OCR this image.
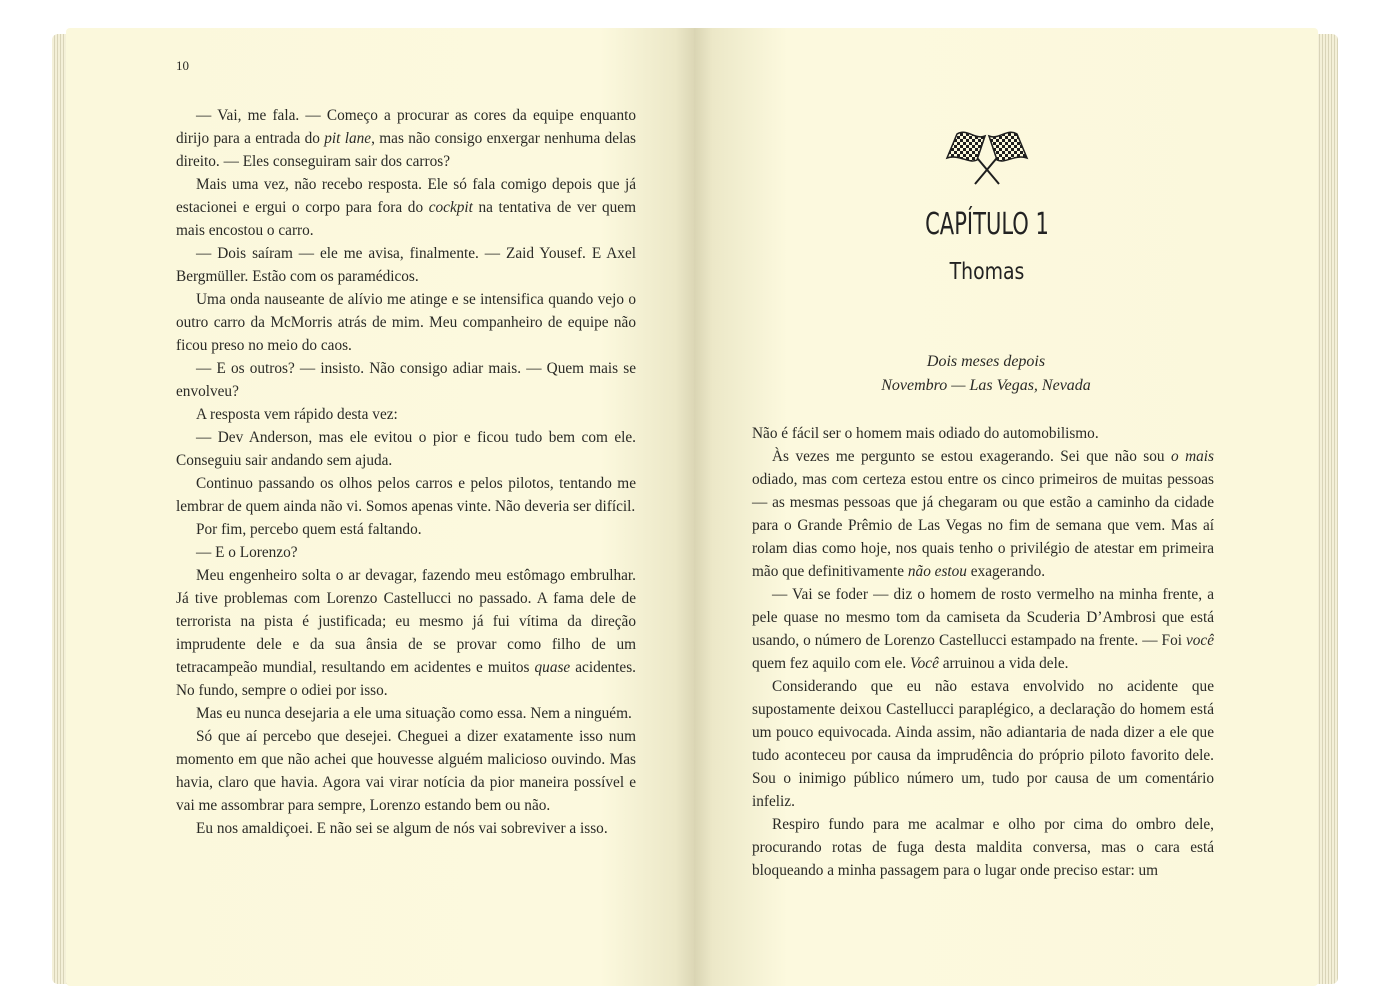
10

— Vai, me fala. — Começo a procurar as cores da equipe enquanto dirijo para a entrada do pit lane, mas não consigo enxergar nenhuma delas direito. — Eles conseguiram sair dos carros?

Mais uma vez, não recebo resposta. Ele só fala comigo depois que já estacionei e ergui o corpo para fora do cockpit na tentativa de ver quem mais encostou o carro.

— Dois saíram — ele me avisa, finalmente. — Zaid Yousef. E Axel Bergmüller. Estão com os paramédicos.

Uma onda nauseante de alívio me atinge e se intensifica quando vejo o outro carro da McMorris atrás de mim. Meu companheiro de equipe não ficou preso no meio do caos.

— E os outros? — insisto. Não consigo adiar mais. — Quem mais se envolveu?

A resposta vem rápido desta vez:

— Dev Anderson, mas ele evitou o pior e ficou tudo bem com ele. Conseguiu sair andando sem ajuda.

Continuo passando os olhos pelos carros e pelos pilotos, tentando me lembrar de quem ainda não vi. Somos apenas vinte. Não deveria ser difícil.

Por fim, percebo quem está faltando.

— E o Lorenzo?

Meu engenheiro solta o ar devagar, fazendo meu estômago embrulhar. Já tive problemas com Lorenzo Castellucci no passado. A fama dele de terrorista na pista é justificada; eu mesmo já fui vítima da direção imprudente dele e da sua ânsia de se provar como filho de um tetracampeão mundial, resultando em acidentes e muitos quase acidentes. No fundo, sempre o odiei por isso.

Mas eu nunca desejaria a ele uma situação como essa. Nem a ninguém.

Só que aí percebo que desejei. Cheguei a dizer exatamente isso num momento em que não achei que houvesse alguém malicioso ouvindo. Mas havia, claro que havia. Agora vai virar notícia da pior maneira possível e vai me assombrar para sempre, Lorenzo estando bem ou não.

Eu nos amaldiçoei. E não sei se algum de nós vai sobreviver a isso.

CAPÍTULO 1
Thomas
Dois meses depois
Novembro — Las Vegas, Nevada

Não é fácil ser o homem mais odiado do automobilismo.

Às vezes me pergunto se estou exagerando. Sei que não sou o mais odiado, mas com certeza estou entre os cinco primeiros de muitas pessoas — as mesmas pessoas que já chegaram ou que estão a caminho da cidade para o Grande Prêmio de Las Vegas no fim de semana que vem. Mas aí rolam dias como hoje, nos quais tenho o privilégio de atestar em primeira mão que definitivamente não estou exagerando.

— Vai se foder — diz o homem de rosto vermelho na minha frente, a pele quase no mesmo tom da camiseta da Scuderia D’Ambrosi que está usando, o número de Lorenzo Castellucci estampado na frente. — Foi você quem fez aquilo com ele. Você arruinou a vida dele.

Considerando que eu não estava envolvido no acidente que supostamente deixou Castellucci paraplégico, a declaração do homem está um pouco equivocada. Ainda assim, não adiantaria de nada dizer a ele que tudo aconteceu por causa da imprudência do próprio piloto favorito dele. Sou o inimigo público número um, tudo por causa de um comentário infeliz.

Respiro fundo para me acalmar e olho por cima do ombro dele, procurando rotas de fuga desta maldita conversa, mas o cara está bloqueando a minha passagem para o lugar onde preciso estar: um
